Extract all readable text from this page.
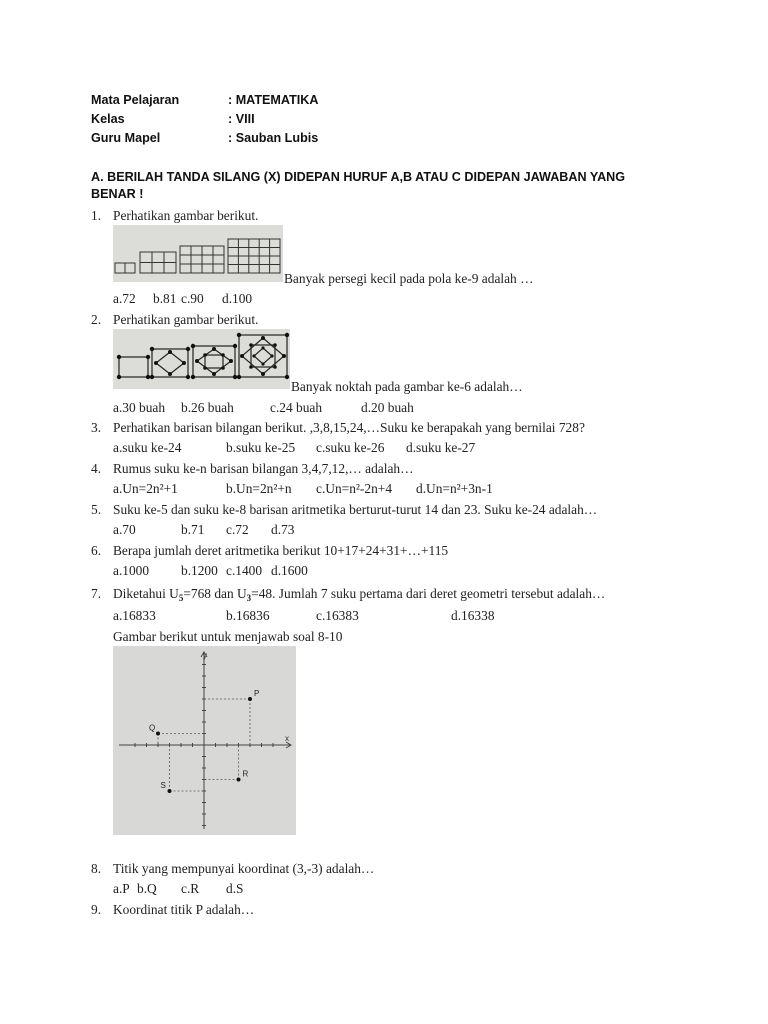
Mata Pelajaran	: MATEMATIKA
Kelas	: VIII
Guru Mapel	: Sauban Lubis
A. BERILAH TANDA SILANG (X) DIDEPAN HURUF A,B ATAU C DIDEPAN JAWABAN YANG BENAR !
1. Perhatikan gambar berikut.
Banyak persegi kecil pada pola ke-9 adalah …
a.72 b.81 c.90 d.100
2. Perhatikan gambar berikut.
Banyak noktah pada gambar ke-6 adalah…
a.30 buah b.26 buah	c.24 buah	d.20 buah
3. Perhatikan barisan bilangan berikut. ,3,8,15,24,…Suku ke berapakah yang bernilai 728?
a.suku ke-24	b.suku ke-25 c.suku ke-26 d.suku ke-27
4. Rumus suku ke-n barisan bilangan 3,4,7,12,… adalah…
a.Un=2n²+1	b.Un=2n²+n c.Un=n²-2n+4 d.Un=n²+3n-1
5. Suku ke-5 dan suku ke-8 barisan aritmetika berturut-turut 14 dan 23. Suku ke-24 adalah…
a.70	b.71 c.72 d.73
6. Berapa jumlah deret aritmetika berikut 10+17+24+31+…+115
a.1000 b.1200 c.1400 d.1600
7. Diketahui $U_5=768$ dan $U_3=48$. Jumlah 7 suku pertama dari deret geometri tersebut adalah…
a.16833	b.16836	c.16383	d.16338
Gambar berikut untuk menjawab soal 8-10
x
y
P
Q
R
S
8. Titik yang mempunyai koordinat (3,-3) adalah…
a.P b.Q c.R d.S
9. Koordinat titik P adalah…
